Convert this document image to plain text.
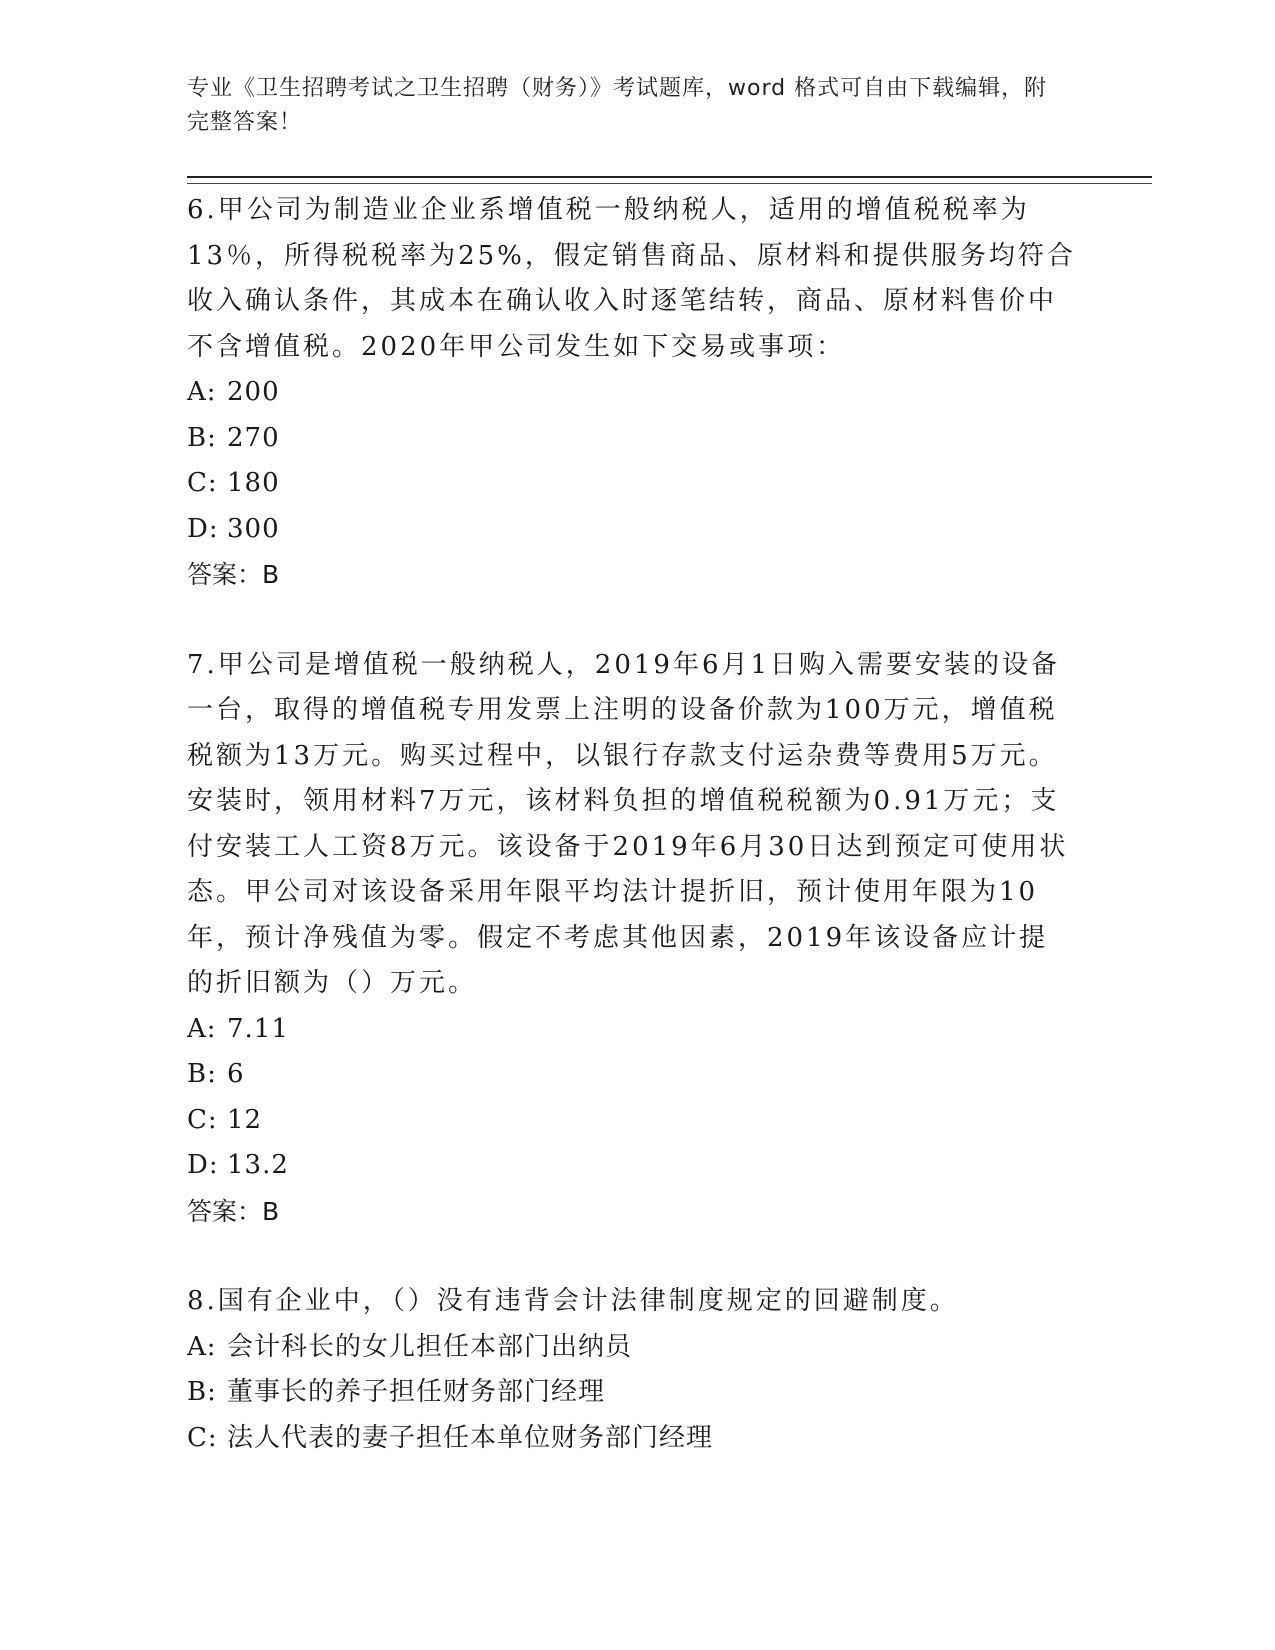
专业《卫生招聘考试之卫生招聘（财务）》考试题库，word 格式可自由下载编辑，附完整答案！

6.甲公司为制造业企业系增值税一般纳税人，适用的增值税税率为13％，所得税税率为25%，假定销售商品、原材料和提供服务均符合收入确认条件，其成本在确认收入时逐笔结转，商品、原材料售价中不含增值税。2020年甲公司发生如下交易或事项：

A: 200

B: 270

C: 180

D: 300

答案：B

7.甲公司是增值税一般纳税人，2019年6月1日购入需要安装的设备一台，取得的增值税专用发票上注明的设备价款为100万元，增值税税额为13万元。购买过程中，以银行存款支付运杂费等费用5万元。安装时，领用材料7万元，该材料负担的增值税税额为0.91万元；支付安装工人工资8万元。该设备于2019年6月30日达到预定可使用状态。甲公司对该设备采用年限平均法计提折旧，预计使用年限为10年，预计净残值为零。假定不考虑其他因素，2019年该设备应计提的折旧额为（）万元。

A: 7.11

B: 6

C: 12

D: 13.2

答案：B

8.国有企业中，（）没有违背会计法律制度规定的回避制度。

A: 会计科长的女儿担任本部门出纳员

B: 董事长的养子担任财务部门经理

C: 法人代表的妻子担任本单位财务部门经理
